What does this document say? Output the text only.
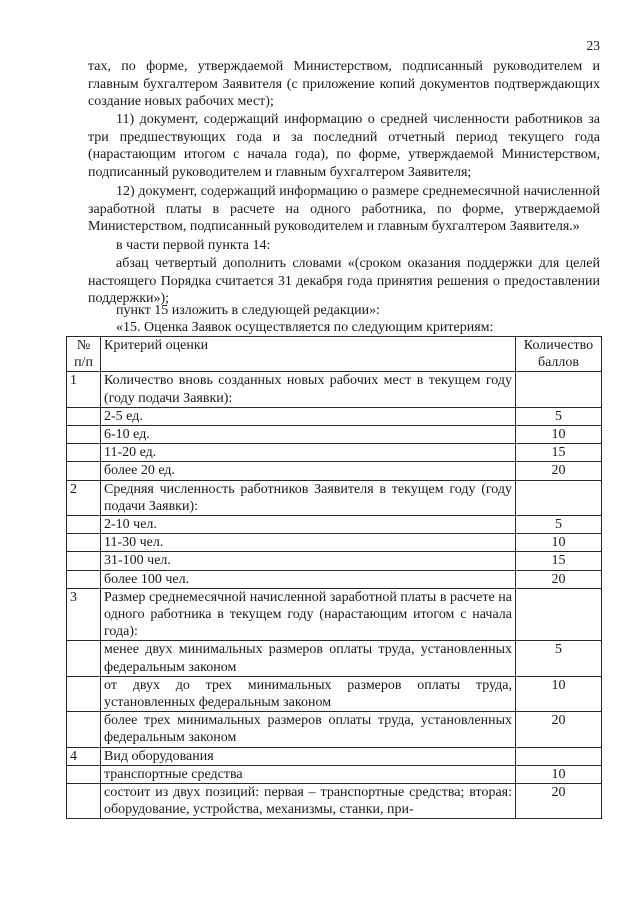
23

тах, по форме, утверждаемой Министерством, подписанный руководителем и главным бухгалтером Заявителя (с приложение копий документов подтверждающих создание новых рабочих мест);

11) документ, содержащий информацию о средней численности работников за три предшествующих года и за последний отчетный период текущего года (нарастающим итогом с начала года), по форме, утверждаемой Министерством, подписанный руководителем и главным бухгалтером Заявителя;

12) документ, содержащий информацию о размере среднемесячной начисленной заработной платы в расчете на одного работника, по форме, утверждаемой Министерством, подписанный руководителем и главным бухгалтером Заявителя.»

в части первой пункта 14:

абзац четвертый дополнить словами «(сроком оказания поддержки для целей настоящего Порядка считается 31 декабря года принятия решения о предоставлении поддержки»);

пункт 15 изложить в следующей редакции»:

«15. Оценка Заявок осуществляется по следующим критериям:

№ п/п	Критерий оценки	Количество баллов
1	Количество вновь созданных новых рабочих мест в текущем году (году подачи Заявки):	
	2-5 ед.	5
	6-10 ед.	10
	11-20 ед.	15
	более 20 ед.	20
2	Средняя численность работников Заявителя в текущем году (году подачи Заявки):	
	2-10 чел.	5
	11-30 чел.	10
	31-100 чел.	15
	более 100 чел.	20
3	Размер среднемесячной начисленной заработной платы в расчете на одного работника в текущем году (нарастающим итогом с начала года):	
	менее двух минимальных размеров оплаты труда, установленных федеральным законом	5
	от двух до трех минимальных размеров оплаты труда, установленных федеральным законом	10
	более трех минимальных размеров оплаты труда, установленных федеральным законом	20
4	Вид оборудования	
	транспортные средства	10
	состоит из двух позиций: первая – транспортные средства; вторая: оборудование, устройства, механизмы, станки, при-	20
